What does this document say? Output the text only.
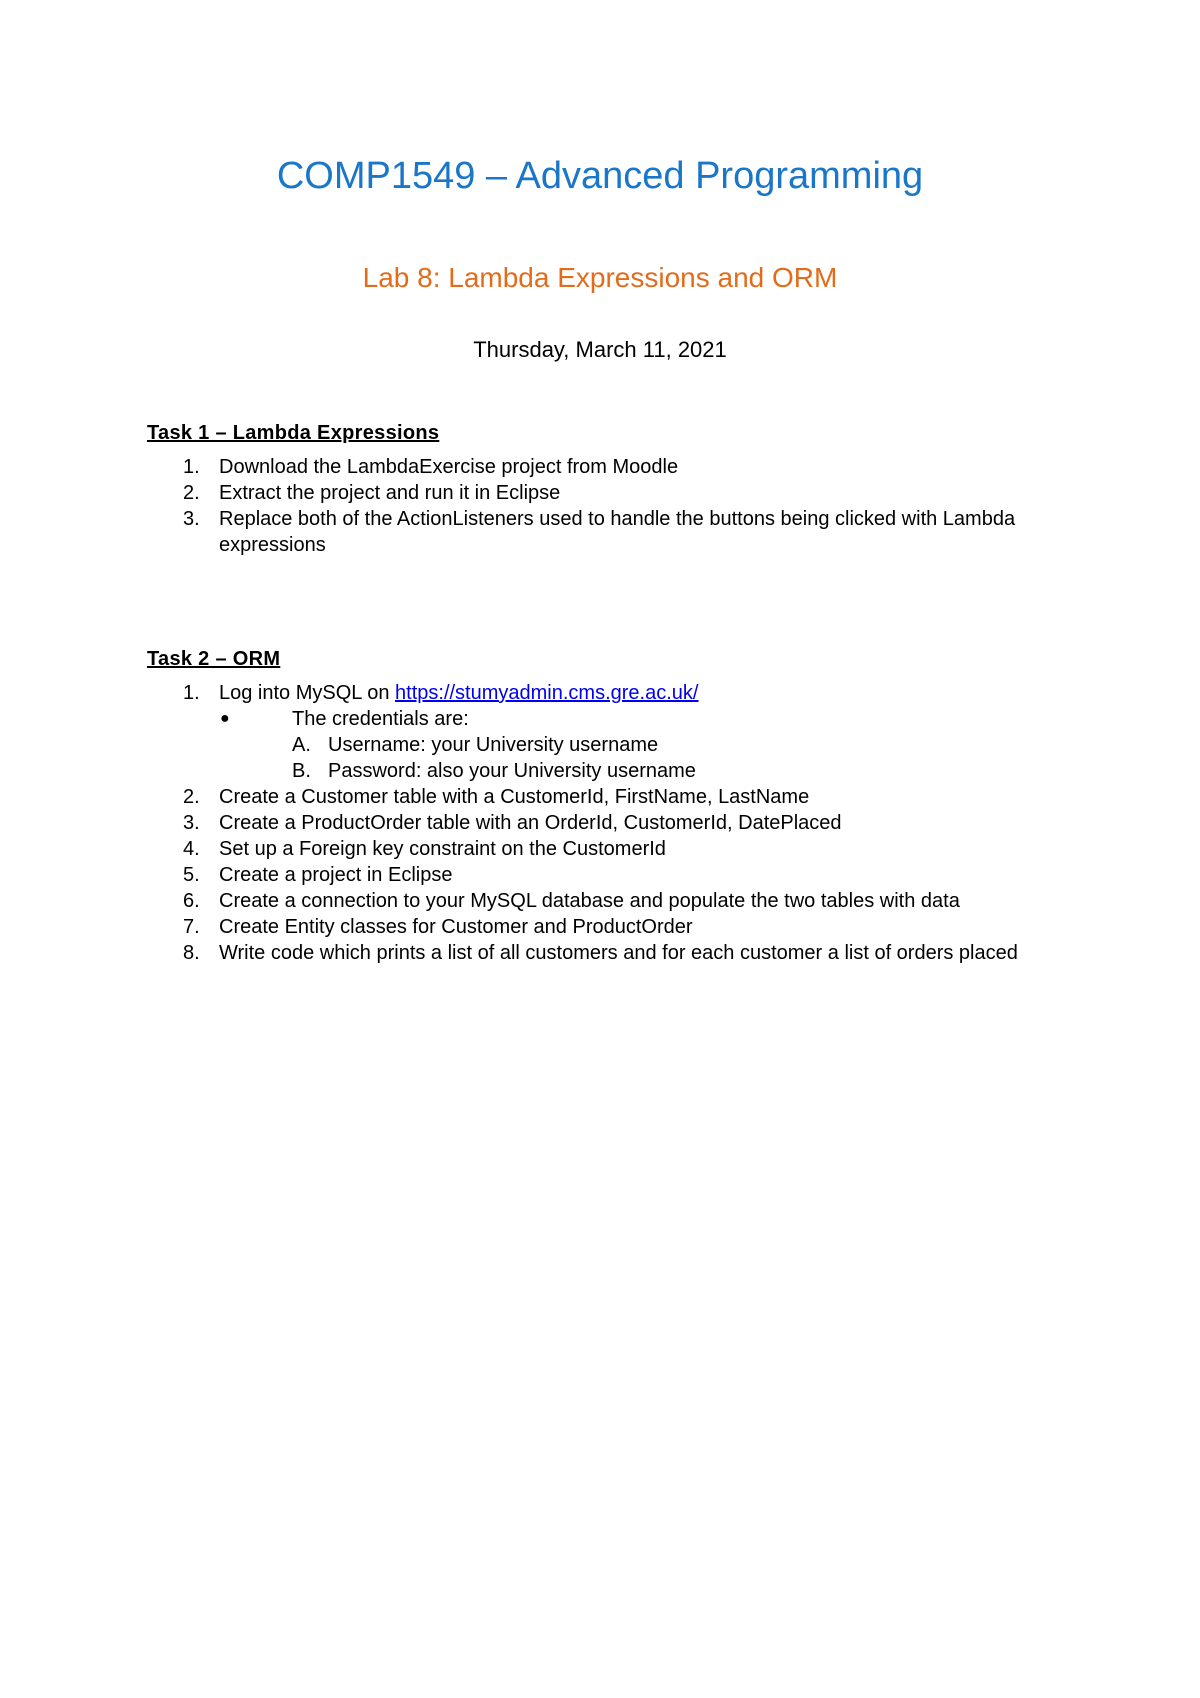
COMP1549 – Advanced Programming
Lab 8: Lambda Expressions and ORM
Thursday, March 11, 2021

Task 1 – Lambda Expressions

1. Download the LambdaExercise project from Moodle
2. Extract the project and run it in Eclipse
3. Replace both of the ActionListeners used to handle the buttons being clicked with Lambda expressions

Task 2 – ORM

1. Log into MySQL on https://stumyadmin.cms.gre.ac.uk/
●	The credentials are:
A. Username: your University username
B. Password: also your University username
2. Create a Customer table with a CustomerId, FirstName, LastName
3. Create a ProductOrder table with an OrderId, CustomerId, DatePlaced
4. Set up a Foreign key constraint on the CustomerId
5. Create a project in Eclipse
6. Create a connection to your MySQL database and populate the two tables with data
7. Create Entity classes for Customer and ProductOrder
8. Write code which prints a list of all customers and for each customer a list of orders placed
